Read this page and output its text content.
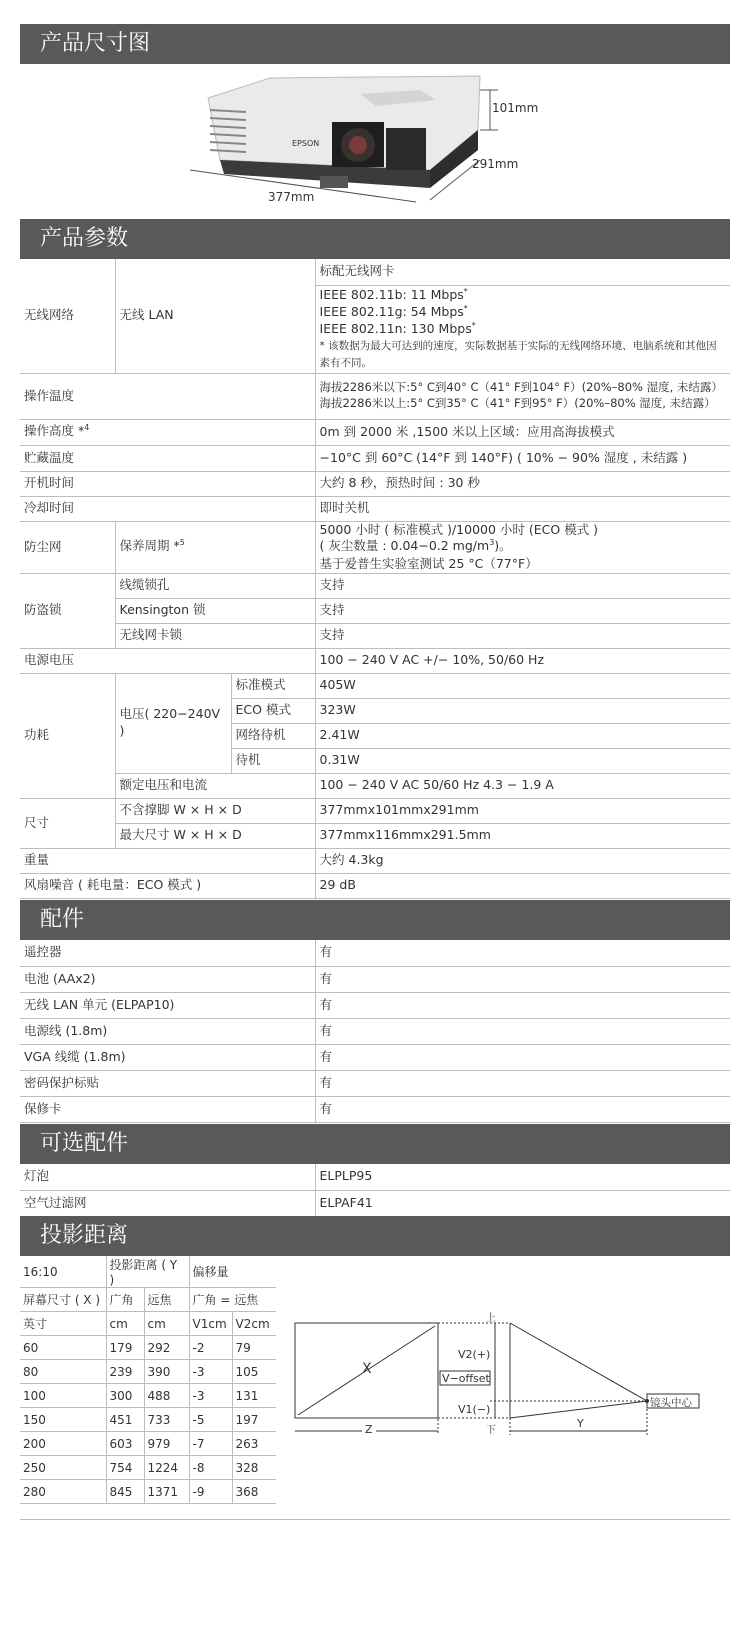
产品尺寸图
EPSON
101mm
291mm
377mm
产品参数
无线网络	无线 LAN		标配无线网卡

			IEEE 802.11b: 11 Mbps*
IEEE 802.11g: 54 Mbps*
IEEE 802.11n: 130 Mbps*
* 该数据为最大可达到的速度，实际数据基于实际的无线网络环境、电脑系统和其他因素有不同。

操作温度			海拔2286米以下:5° C到40° C（41° F到104° F）(20%–80% 湿度, 未结露）
海拔2286米以上:5° C到35° C（41° F到95° F）(20%–80% 湿度, 未结露）

操作高度 *$^4$			0m 到 2000 米 ,1500 米以上区域：应用高海拔模式
贮藏温度			−10°C 到 60°C (14°F 到 140°F) ( 10% − 90% 湿度 , 未结露 )
开机时间			大约 8 秒，预热时间 : 30 秒
冷却时间			即时关机
防尘网	保养周期 *$^5$		5000 小时 ( 标准模式 )/10000 小时 (ECO 模式 )
( 灰尘数量 : 0.04−0.2 $mg/m^3$)。
基于爱普生实验室测试 25 °C（77°F）

防盗锁	线缆锁孔		支持
	Kensington 锁		支持
	无线网卡锁		支持
电源电压			100 − 240 V AC +/− 10%, 50/60 Hz
功耗	电压( 220−240V )	标准模式	405W
		ECO 模式	323W
		网络待机	2.41W
		待机	0.31W
	额定电压和电流		100 − 240 V AC 50/60 Hz 4.3 − 1.9 A
尺寸	不含撑脚 W × H × D		377mmx101mmx291mm
	最大尺寸 W × H × D		377mmx116mmx291.5mm
重量			大约 4.3kg
风扇噪音 ( 耗电量：ECO 模式 )			29 dB
配件
遥控器	有
电池 (AAx2)	有
无线 LAN 单元 (ELPAP10)	有
电源线 (1.8m)	有
VGA 线缆 (1.8m)	有
密码保护标贴	有
保修卡	有
可选配件
灯泡	ELPLP95
空气过滤网	ELPAF41
投影距离
16:10	投影距离 ( Y )		偏移量	
屏幕尺寸 ( X )	广角	远焦	广角 = 远焦	
英寸	cm	cm	V1cm	V2cm
60	179	292	-2	79
80	239	390	-3	105
100	300	488	-3	131
150	451	733	-5	197
200	603	979	-7	263
250	754	1224	-8	328
280	845	1371	-9	368
X
V2(+)
V−offset
V1(−)
上
下
Z	Y
镜头中心
